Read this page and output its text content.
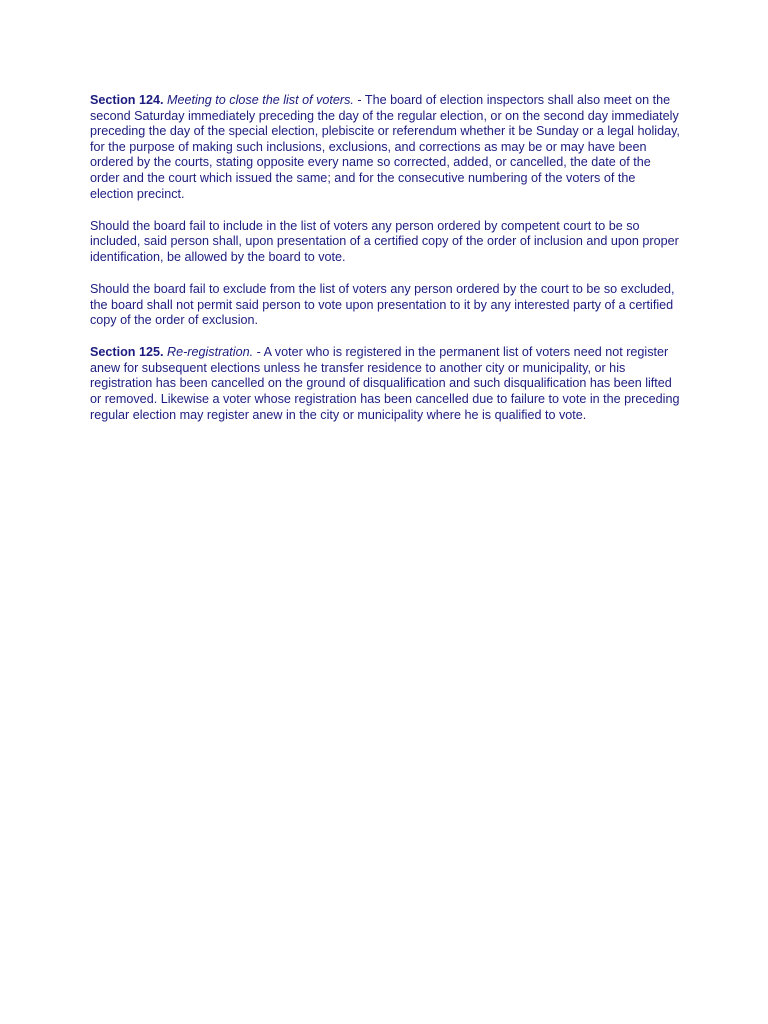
Section 124. Meeting to close the list of voters. - The board of election inspectors shall also meet on the second Saturday immediately preceding the day of the regular election, or on the second day immediately preceding the day of the special election, plebiscite or referendum whether it be Sunday or a legal holiday, for the purpose of making such inclusions, exclusions, and corrections as may be or may have been ordered by the courts, stating opposite every name so corrected, added, or cancelled, the date of the order and the court which issued the same; and for the consecutive numbering of the voters of the election precinct.

Should the board fail to include in the list of voters any person ordered by competent court to be so included, said person shall, upon presentation of a certified copy of the order of inclusion and upon proper identification, be allowed by the board to vote.

Should the board fail to exclude from the list of voters any person ordered by the court to be so excluded, the board shall not permit said person to vote upon presentation to it by any interested party of a certified copy of the order of exclusion.

Section 125. Re-registration. - A voter who is registered in the permanent list of voters need not register anew for subsequent elections unless he transfer residence to another city or municipality, or his registration has been cancelled on the ground of disqualification and such disqualification has been lifted or removed. Likewise a voter whose registration has been cancelled due to failure to vote in the preceding regular election may register anew in the city or municipality where he is qualified to vote.
